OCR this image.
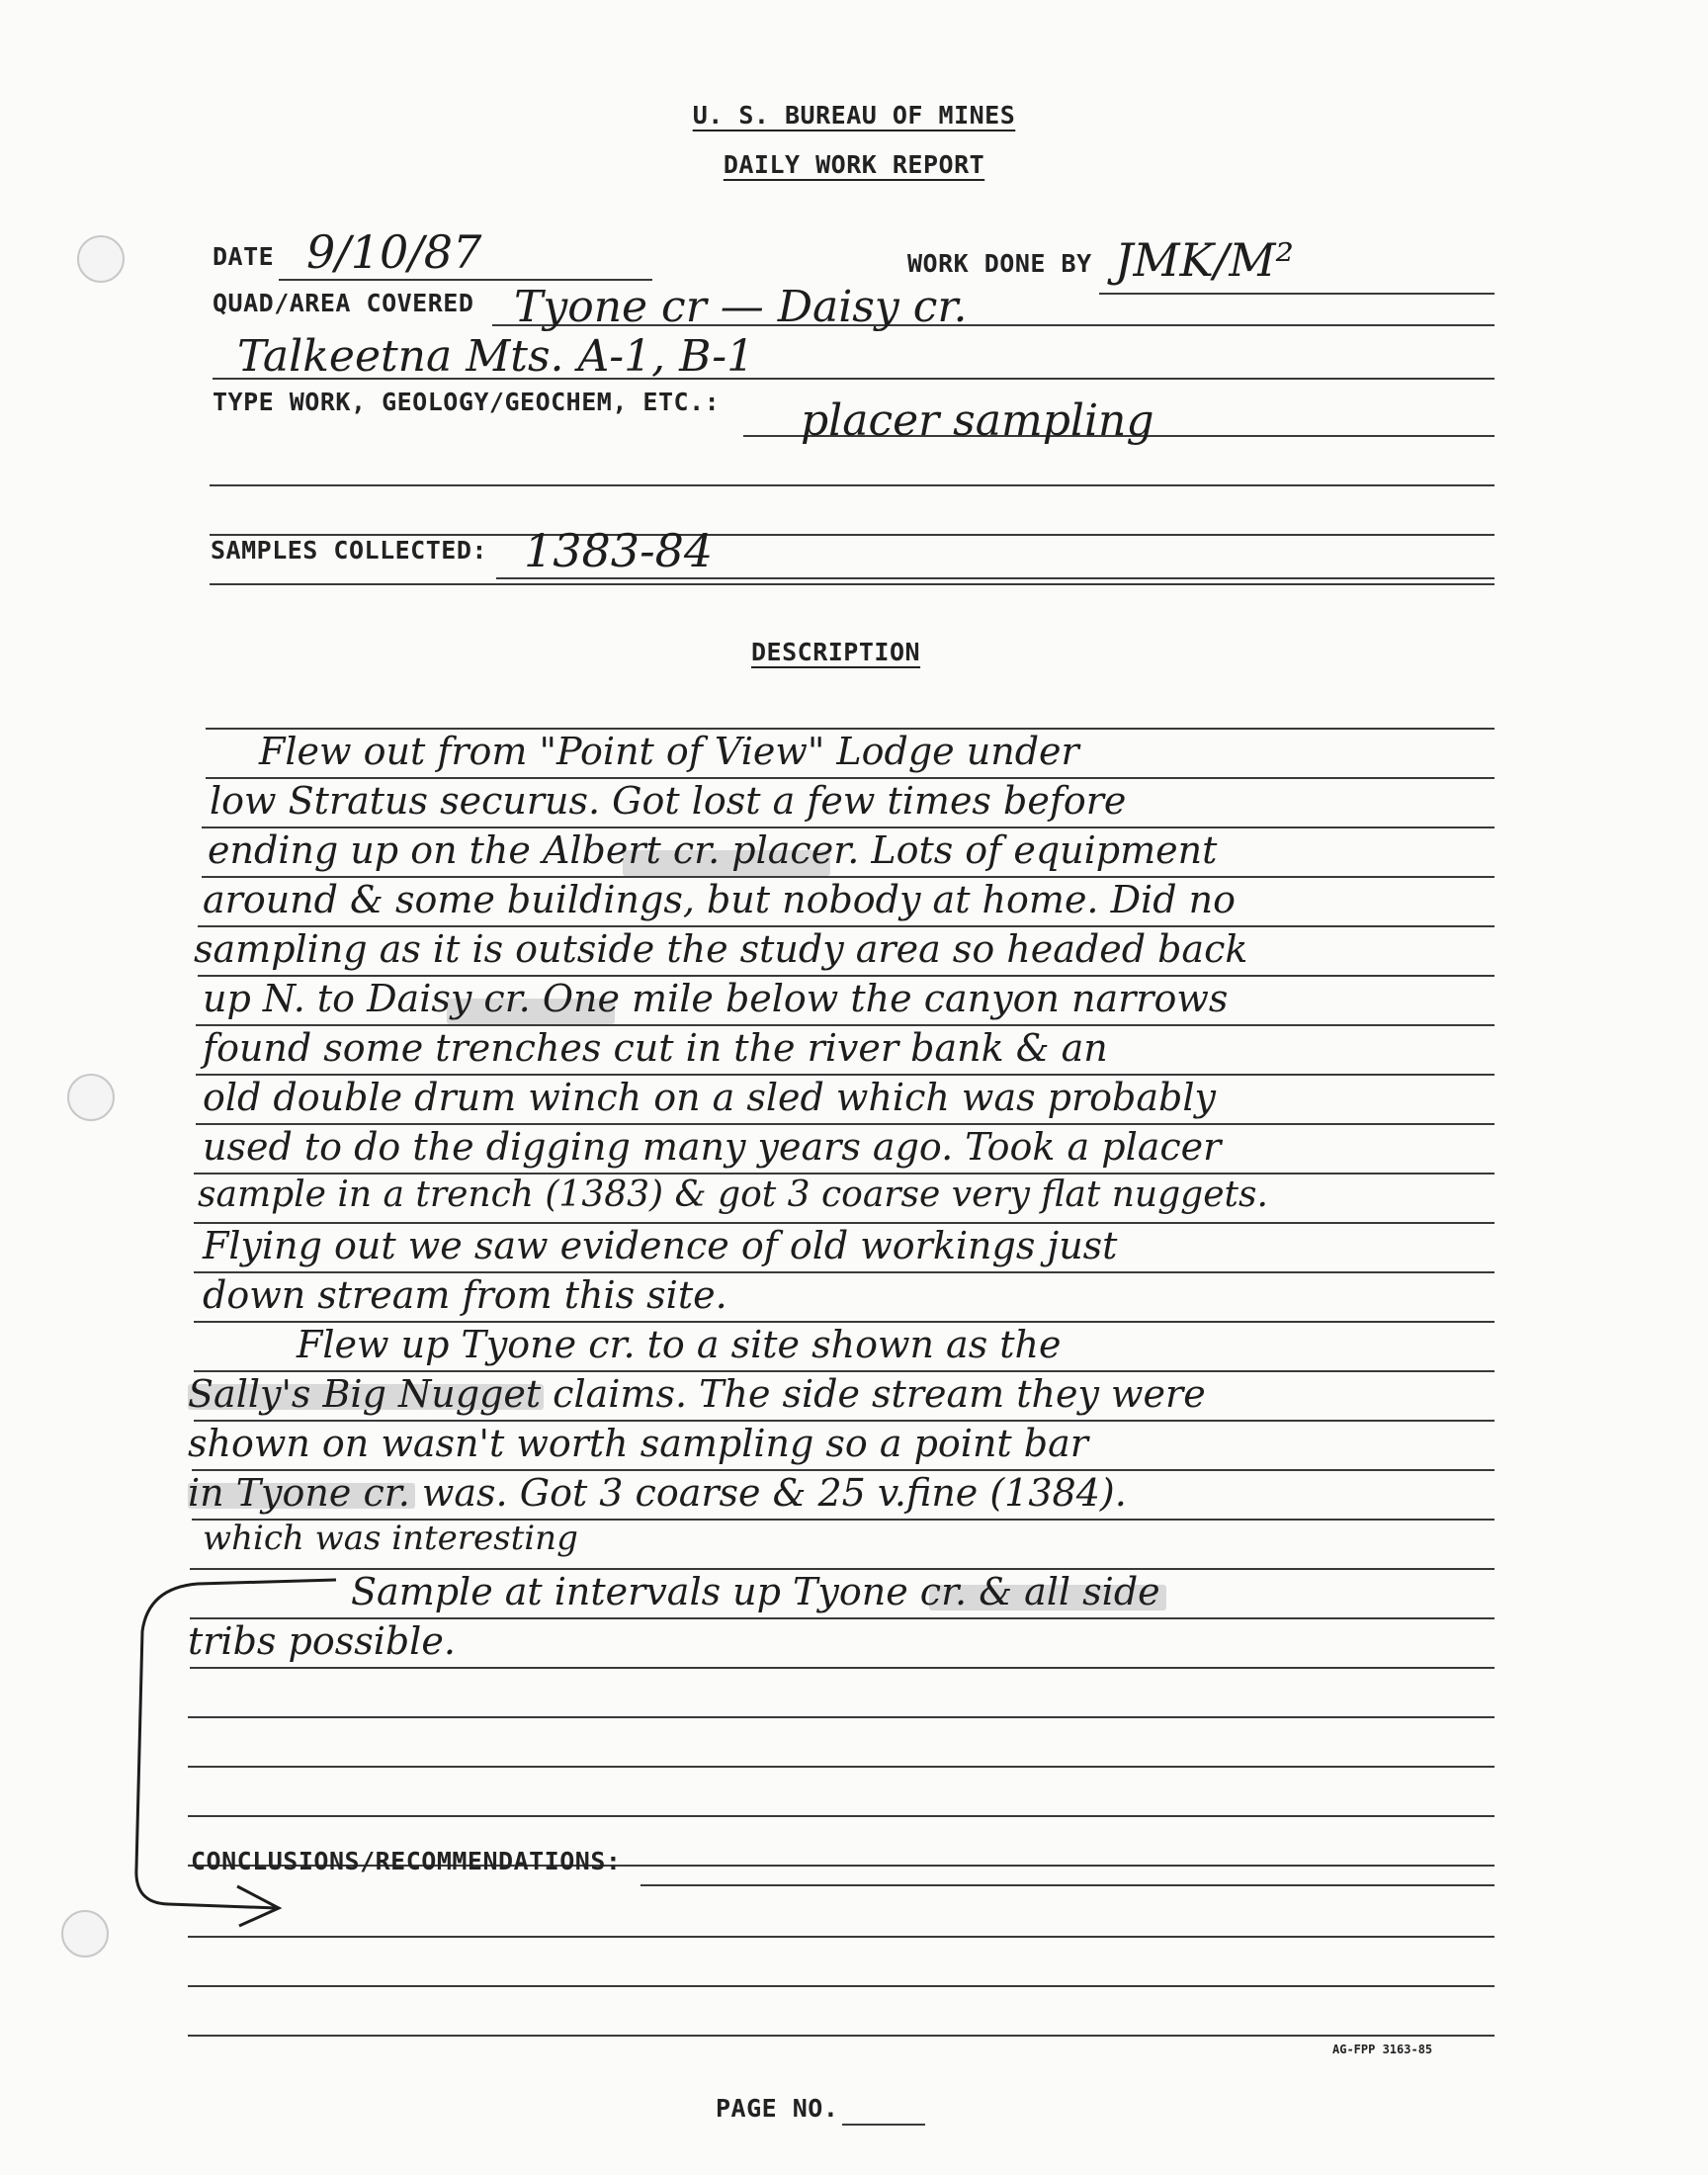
U. S. BUREAU OF MINES
DAILY WORK REPORT
DATE 9/10/87	WORK DONE BY JMK/M²
QUAD/AREA COVERED Tyone cr — Daisy cr.
Talkeetna Mts. A-1, B-1
TYPE WORK, GEOLOGY/GEOCHEM, ETC.: placer sampling
SAMPLES COLLECTED: 1383-84
DESCRIPTION
Flew out from "Point of View" Lodge under
low Stratus securus. Got lost a few times before
ending up on the Albert cr. placer. Lots of equipment
around & some buildings, but nobody at home. Did no
sampling as it is outside the study area so headed back
up N. to Daisy cr. One mile below the canyon narrows
found some trenches cut in the river bank & an
old double drum winch on a sled which was probably
used to do the digging many years ago. Took a placer
sample in a trench (1383) & got 3 coarse very flat nuggets.
Flying out we saw evidence of old workings just
down stream from this site.
Flew up Tyone cr. to a site shown as the
Sally's Big Nugget claims. The side stream they were
shown on wasn't worth sampling so a point bar
in Tyone cr. was. Got 3 coarse & 25 v.fine (1384).
which was interesting
Sample at intervals up Tyone cr. & all side
tribs possible.
CONCLUSIONS/RECOMMENDATIONS:
AG-FPP 3163-85
PAGE NO.
